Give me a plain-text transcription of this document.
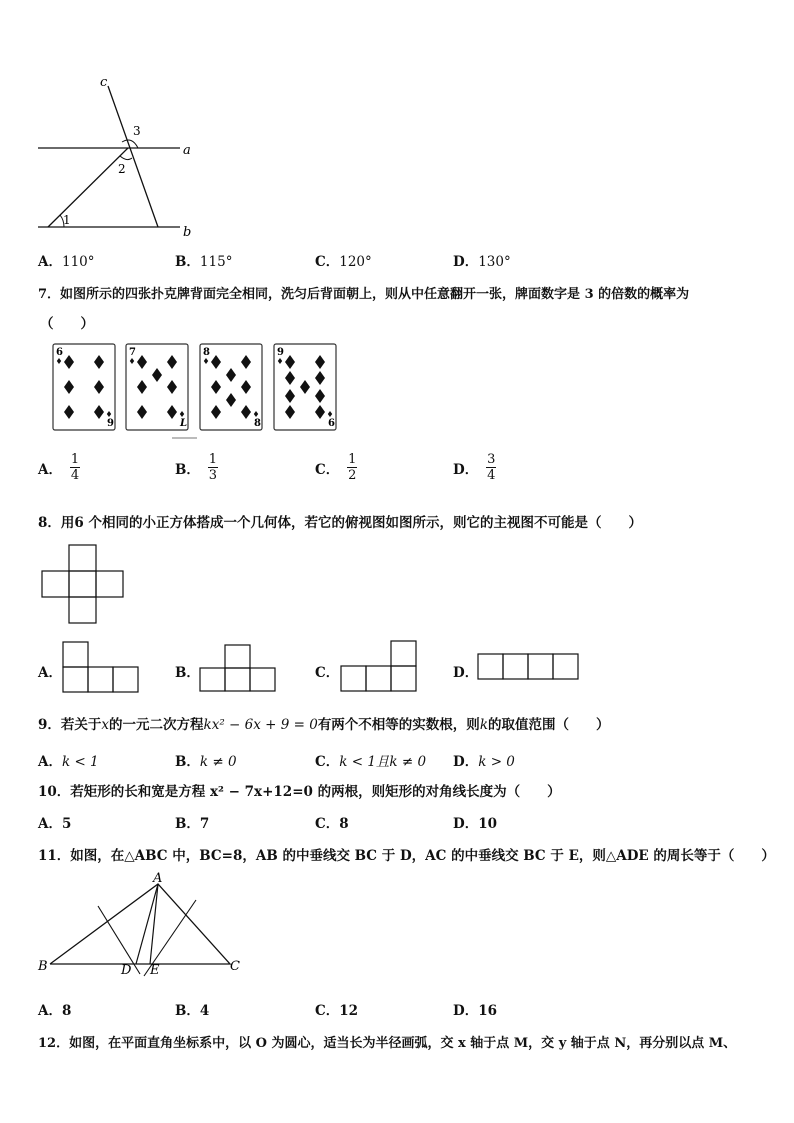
c
a
b
3
2
1
A．110°	B．115°	C．120°	D．130°
7．如图所示的四张扑克牌背面完全相同，洗匀后背面朝上，则从中任意翻开一张，牌面数字是 3 的倍数的概率为
（　　）
6
9
7
L
8
8
9
6
A． $\frac{1}{4}$	B． $\frac{1}{3}$	C． $\frac{1}{2}$	D． $\frac{3}{4}$
8．用6 个相同的小正方体搭成一个几何体，若它的俯视图如图所示，则它的主视图不可能是（　　）
A．	B．	C．	D．
9．若关于x的一元二次方程kx² − 6x + 9 = 0有两个不相等的实数根，则k的取值范围（　　）
A．k < 1	B．k ≠ 0	C．k < 1且k ≠ 0 D．k > 0
10．若矩形的长和宽是方程 x² − 7x+12=0 的两根，则矩形的对角线长度为（　　）
A．5	B．7	C．8	D．10
11．如图，在△ABC 中，BC=8，AB 的中垂线交 BC 于 D，AC 的中垂线交 BC 于 E，则△ADE 的周长等于（　　）
A
B	C
D E
A．8	B．4	C．12	D．16
12．如图，在平面直角坐标系中，以 O 为圆心，适当长为半径画弧，交 x 轴于点 M，交 y 轴于点 N，再分别以点 M、
